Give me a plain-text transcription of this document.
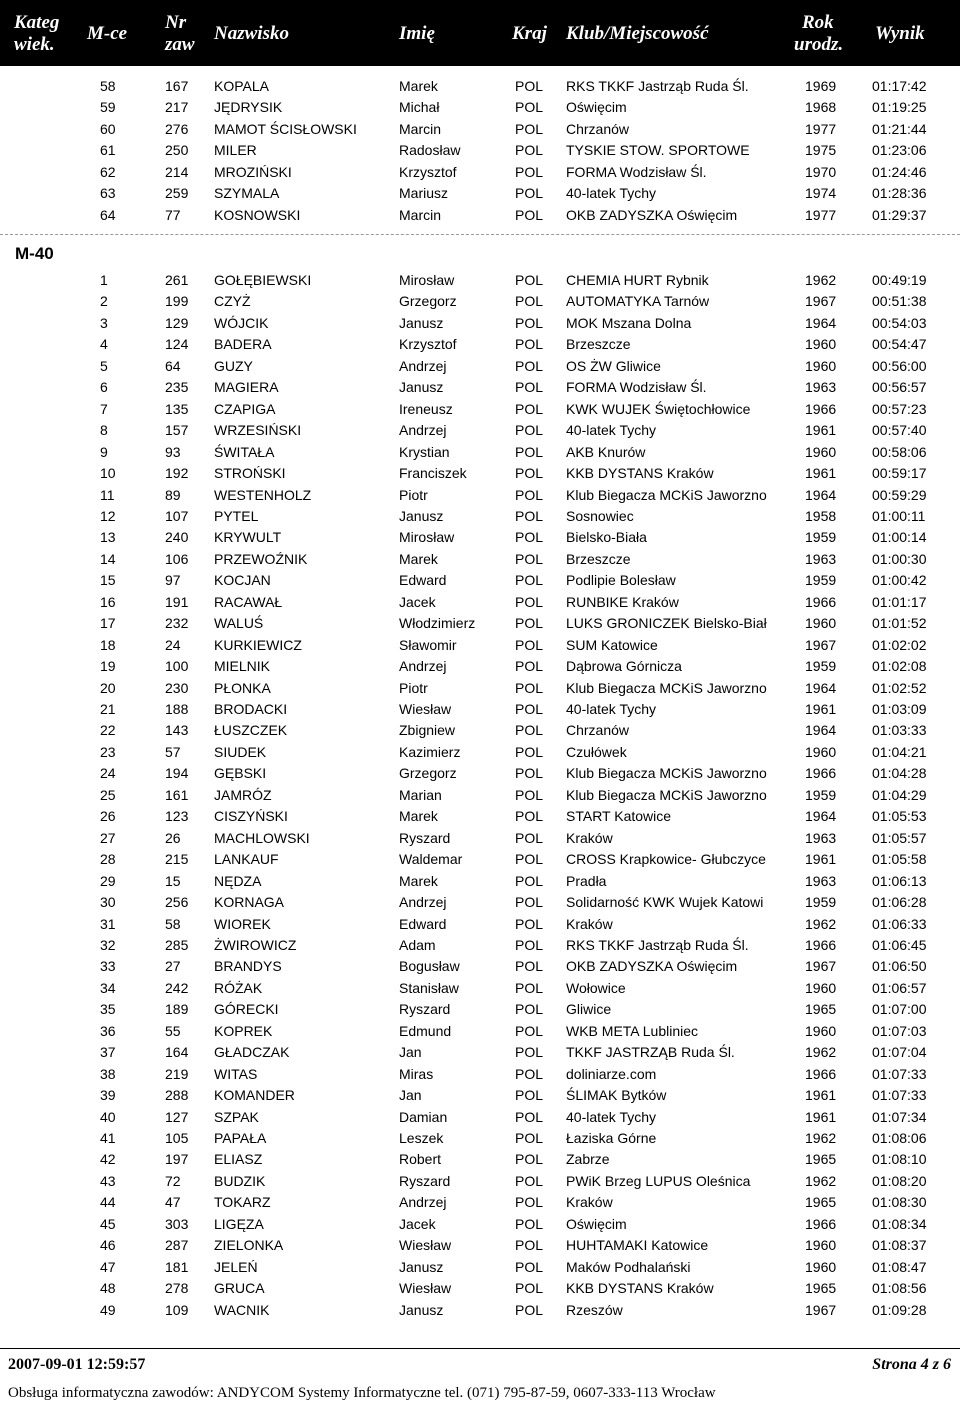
Kateg
wiek.
M-ce
Nr
zaw
Nazwisko	Imię	Kraj Klub/Miejscowość
Rok
urodz.
Wynik
58	167 KOPALA	Marek	POL RKS TKKF Jastrząb Ruda Śl.	1969	01:17:42
59	217 JĘDRYSIK	Michał	POL Oświęcim	1968	01:19:25
60	276 MAMOT ŚCISŁOWSKI	Marcin	POL Chrzanów	1977	01:21:44
61	250 MILER	Radosław	POL TYSKIE STOW. SPORTOWE	1975	01:23:06
62	214 MROZIŃSKI	Krzysztof	POL FORMA Wodzisław Śl.	1970	01:24:46
63	259 SZYMALA	Mariusz	POL 40-latek Tychy	1974	01:28:36
64	77 KOSNOWSKI	Marcin	POL OKB ZADYSZKA Oświęcim	1977	01:29:37
1	261 GOŁĘBIEWSKI	Mirosław	POL CHEMIA HURT Rybnik	1962	00:49:19
2	199 CZYŻ	Grzegorz	POL AUTOMATYKA Tarnów	1967	00:51:38
3	129 WÓJCIK	Janusz	POL MOK Mszana Dolna	1964	00:54:03
4	124 BADERA	Krzysztof	POL Brzeszcze	1960	00:54:47
5	64 GUZY	Andrzej	POL OS ŻW Gliwice	1960	00:56:00
6	235 MAGIERA	Janusz	POL FORMA Wodzisław Śl.	1963	00:56:57
7	135 CZAPIGA	Ireneusz	POL KWK WUJEK Świętochłowice	1966	00:57:23
8	157 WRZESIŃSKI	Andrzej	POL 40-latek Tychy	1961	00:57:40
9	93 ŚWITAŁA	Krystian	POL AKB Knurów	1960	00:58:06
10	192 STROŃSKI	Franciszek	POL KKB DYSTANS Kraków	1961	00:59:17
11	89 WESTENHOLZ	Piotr	POL Klub Biegacza MCKiS Jaworzno	1964	00:59:29
12	107 PYTEL	Janusz	POL Sosnowiec	1958	01:00:11
13	240 KRYWULT	Mirosław	POL Bielsko-Biała	1959	01:00:14
14	106 PRZEWOŹNIK	Marek	POL Brzeszcze	1963	01:00:30
15	97 KOCJAN	Edward	POL Podlipie Bolesław	1959	01:00:42
16	191 RACAWAŁ	Jacek	POL RUNBIKE Kraków	1966	01:01:17
17	232 WALUŚ	Włodzimierz	POL LUKS GRONICZEK Bielsko-Biał	1960	01:01:52
18	24 KURKIEWICZ	Sławomir	POL SUM Katowice	1967	01:02:02
19	100 MIELNIK	Andrzej	POL Dąbrowa Górnicza	1959	01:02:08
20	230 PŁONKA	Piotr	POL Klub Biegacza MCKiS Jaworzno	1964	01:02:52
21	188 BRODACKI	Wiesław	POL 40-latek Tychy	1961	01:03:09
22	143 ŁUSZCZEK	Zbigniew	POL Chrzanów	1964	01:03:33
23	57 SIUDEK	Kazimierz	POL Czułówek	1960	01:04:21
24	194 GĘBSKI	Grzegorz	POL Klub Biegacza MCKiS Jaworzno	1966	01:04:28
25	161 JAMRÓZ	Marian	POL Klub Biegacza MCKiS Jaworzno	1959	01:04:29
26	123 CISZYŃSKI	Marek	POL START Katowice	1964	01:05:53
27	26 MACHLOWSKI	Ryszard	POL Kraków	1963	01:05:57
28	215 LANKAUF	Waldemar	POL CROSS Krapkowice- Głubczyce	1961	01:05:58
29	15 NĘDZA	Marek	POL Pradła	1963	01:06:13
30	256 KORNAGA	Andrzej	POL Solidarność KWK Wujek Katowi	1959	01:06:28
31	58 WIOREK	Edward	POL Kraków	1962	01:06:33
32	285 ŻWIROWICZ	Adam	POL RKS TKKF Jastrząb Ruda Śl.	1966	01:06:45
33	27 BRANDYS	Bogusław	POL OKB ZADYSZKA Oświęcim	1967	01:06:50
34	242 RÓŻAK	Stanisław	POL Wołowice	1960	01:06:57
35	189 GÓRECKI	Ryszard	POL Gliwice	1965	01:07:00
36	55 KOPREK	Edmund	POL WKB META Lubliniec	1960	01:07:03
37	164 GŁADCZAK	Jan	POL TKKF JASTRZĄB Ruda Śl.	1962	01:07:04
38	219 WITAS	Miras	POL doliniarze.com	1966	01:07:33
39	288 KOMANDER	Jan	POL ŚLIMAK Bytków	1961	01:07:33
40	127 SZPAK	Damian	POL 40-latek Tychy	1961	01:07:34
41	105 PAPAŁA	Leszek	POL Łaziska Górne	1962	01:08:06
42	197 ELIASZ	Robert	POL Zabrze	1965	01:08:10
43	72 BUDZIK	Ryszard	POL PWiK Brzeg LUPUS Oleśnica	1962	01:08:20
44	47 TOKARZ	Andrzej	POL Kraków	1965	01:08:30
45	303 LIGĘZA	Jacek	POL Oświęcim	1966	01:08:34
46	287 ZIELONKA	Wiesław	POL HUHTAMAKI Katowice	1960	01:08:37
47	181 JELEŃ	Janusz	POL Maków Podhalański	1960	01:08:47
48	278 GRUCA	Wiesław	POL KKB DYSTANS Kraków	1965	01:08:56
49	109 WACNIK	Janusz	POL Rzeszów	1967	01:09:28
M-40
2007-09-01 12:59:57	Strona 4 z 6
Obsługa informatyczna zawodów: ANDYCOM Systemy Informatyczne tel. (071) 795-87-59, 0607-333-113 Wrocław
